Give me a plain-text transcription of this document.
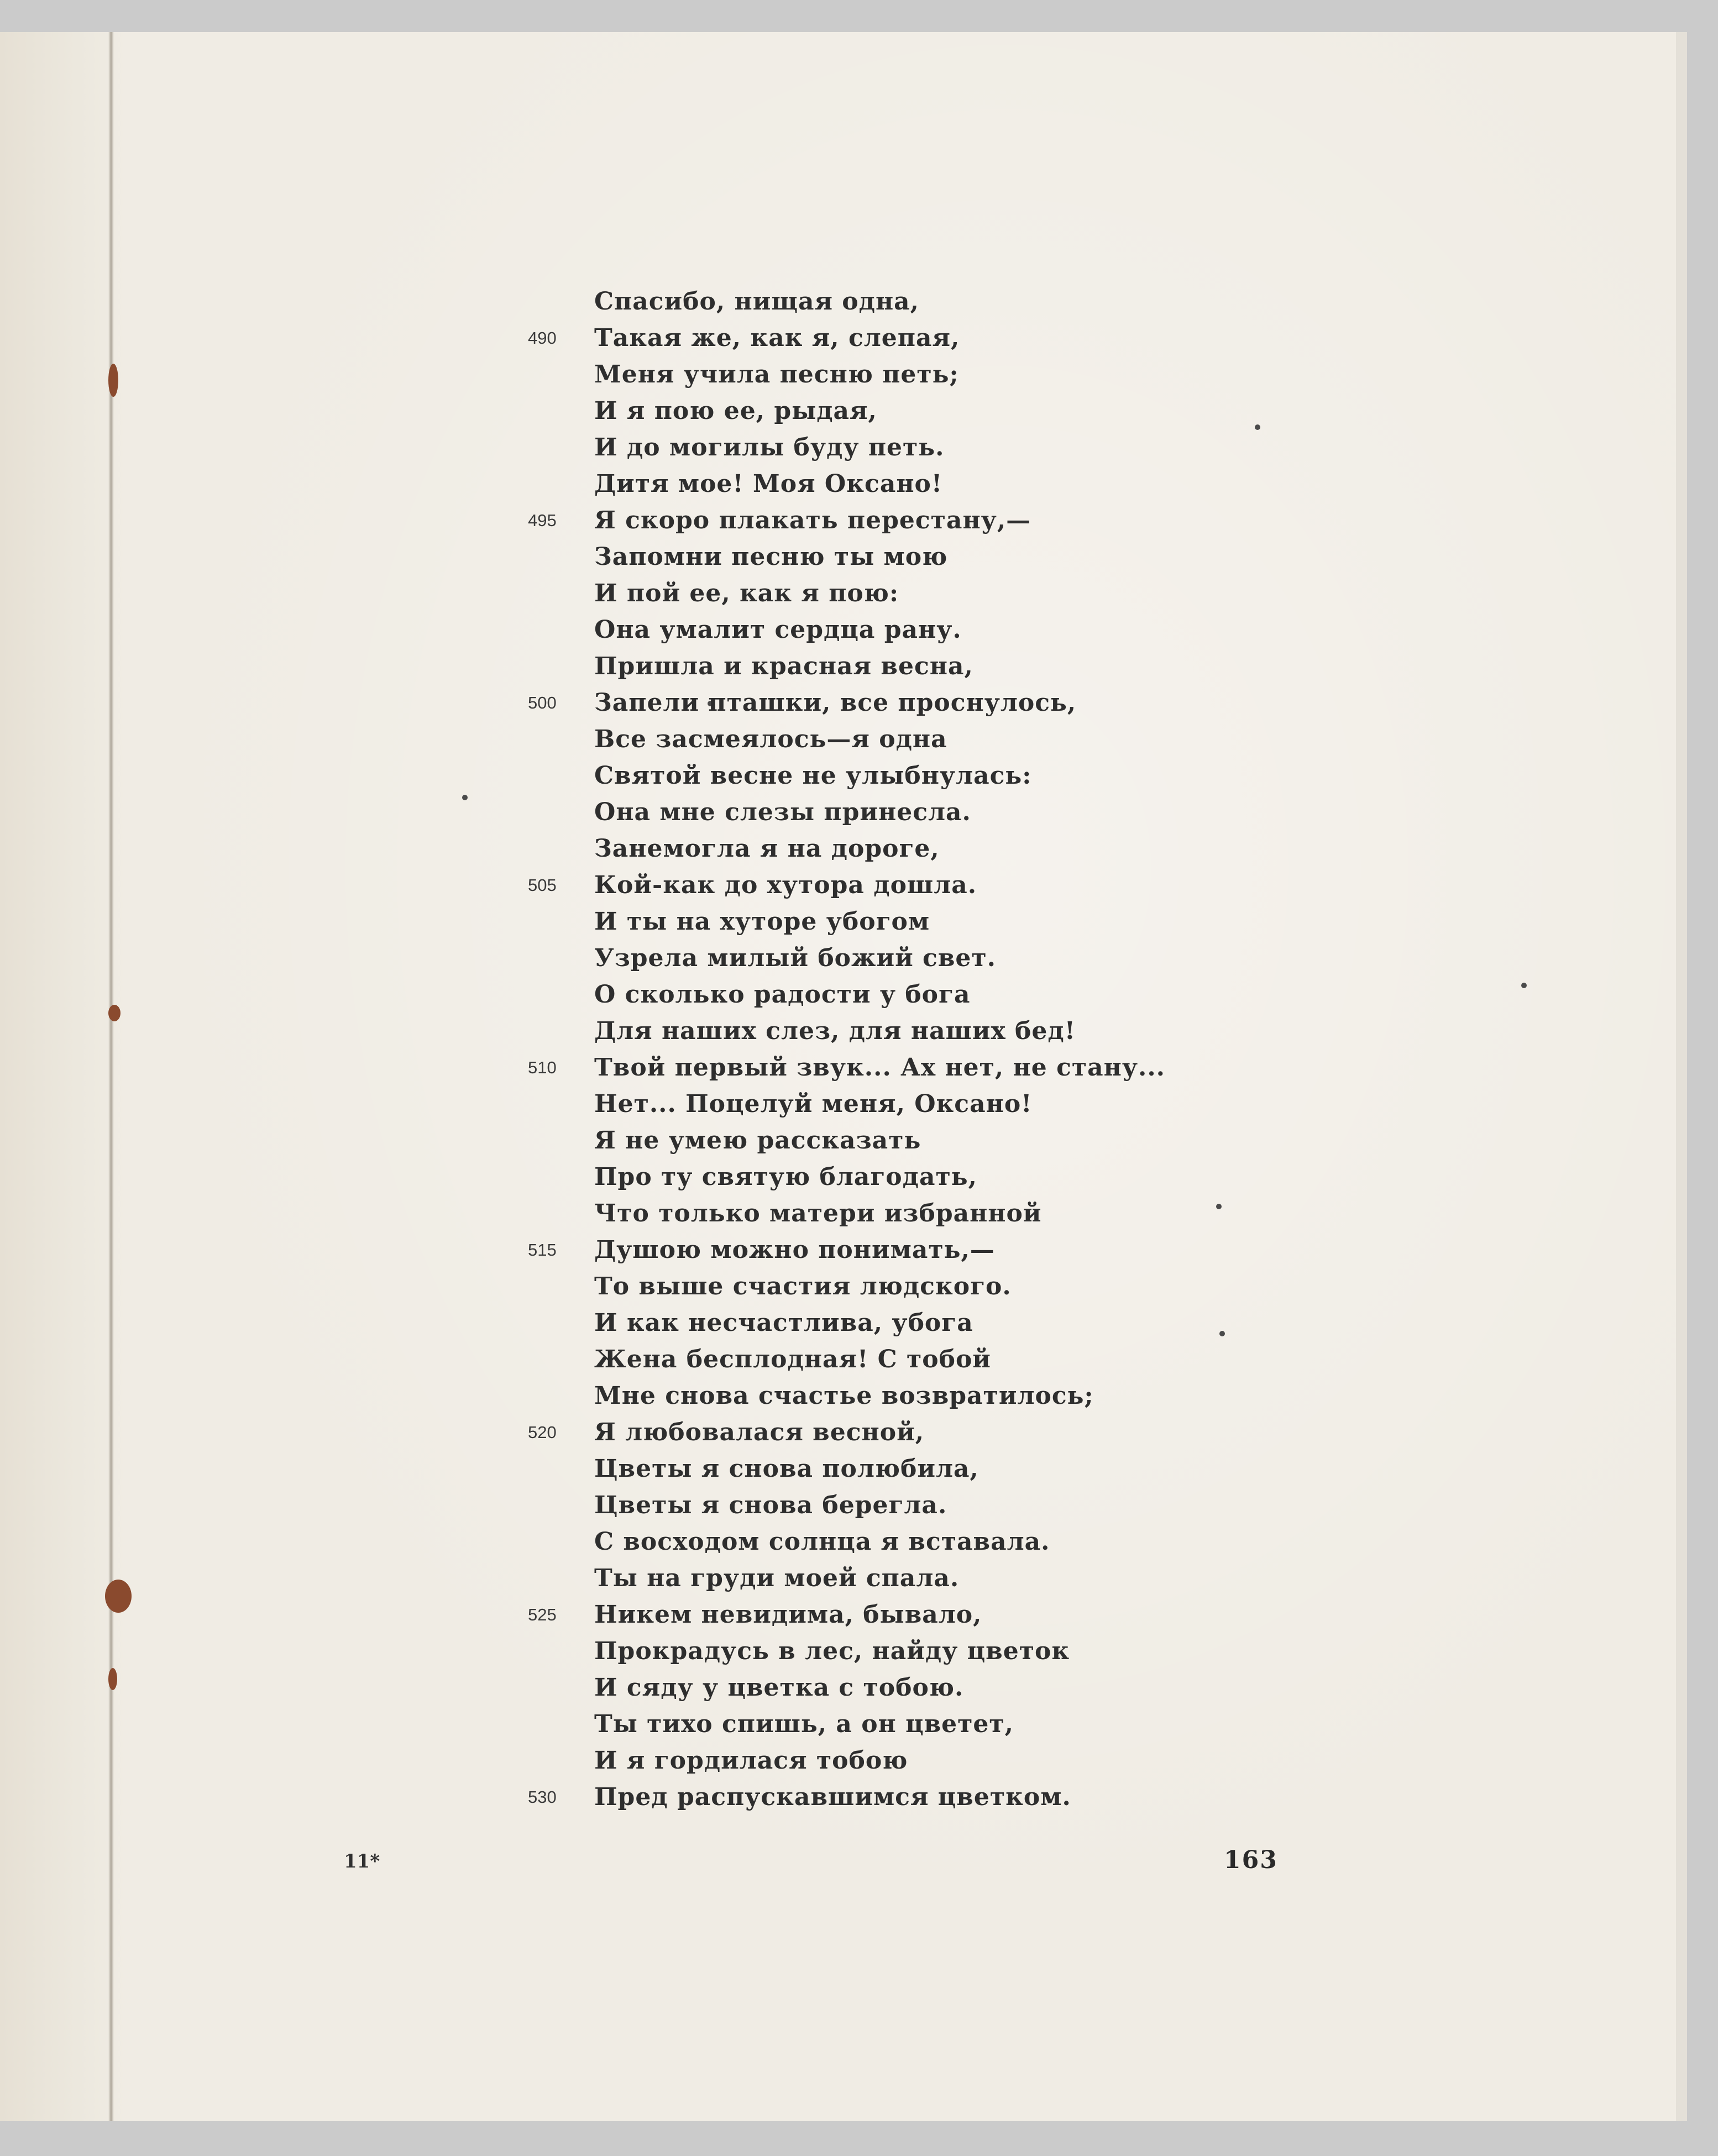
Спасибо, нищая одна,
490	Такая же, как я, слепая,
Меня учила песню петь;
И я пою ее, рыдая,
И до могилы буду петь.
Дитя мое! Моя Оксано!
495	Я скоро плакать перестану,—
Запомни песню ты мою
И пой ее, как я пою:
Она умалит сердца рану.
Пришла и красная весна,
500	Запели пташки, все проснулось,
Все засмеялось—я одна
Святой весне не улыбнулась:
Она мне слезы принесла.
Занемогла я на дороге,
505	Кой-как до хутора дошла.
И ты на хуторе убогом
Узрела милый божий свет.
О сколько радости у бога
Для наших слез, для наших бед!
510	Твой первый звук... Ах нет, не стану...
Нет... Поцелуй меня, Оксано!
Я не умею рассказать
Про ту святую благодать,
Что только матери избранной
515	Душою можно понимать,—
То выше счастия людского.
И как несчастлива, убога
Жена бесплодная! С тобой
Мне снова счастье возвратилось;
520	Я любовалася весной,
Цветы я снова полюбила,
Цветы я снова берегла.
С восходом солнца я вставала.
Ты на груди моей спала.
525	Никем невидима, бывало,
Прокрадусь в лес, найду цветок
И сяду у цветка с тобою.
Ты тихо спишь, а он цветет,
И я гордилася тобою
530	Пред распускавшимся цветком.
11*	163
